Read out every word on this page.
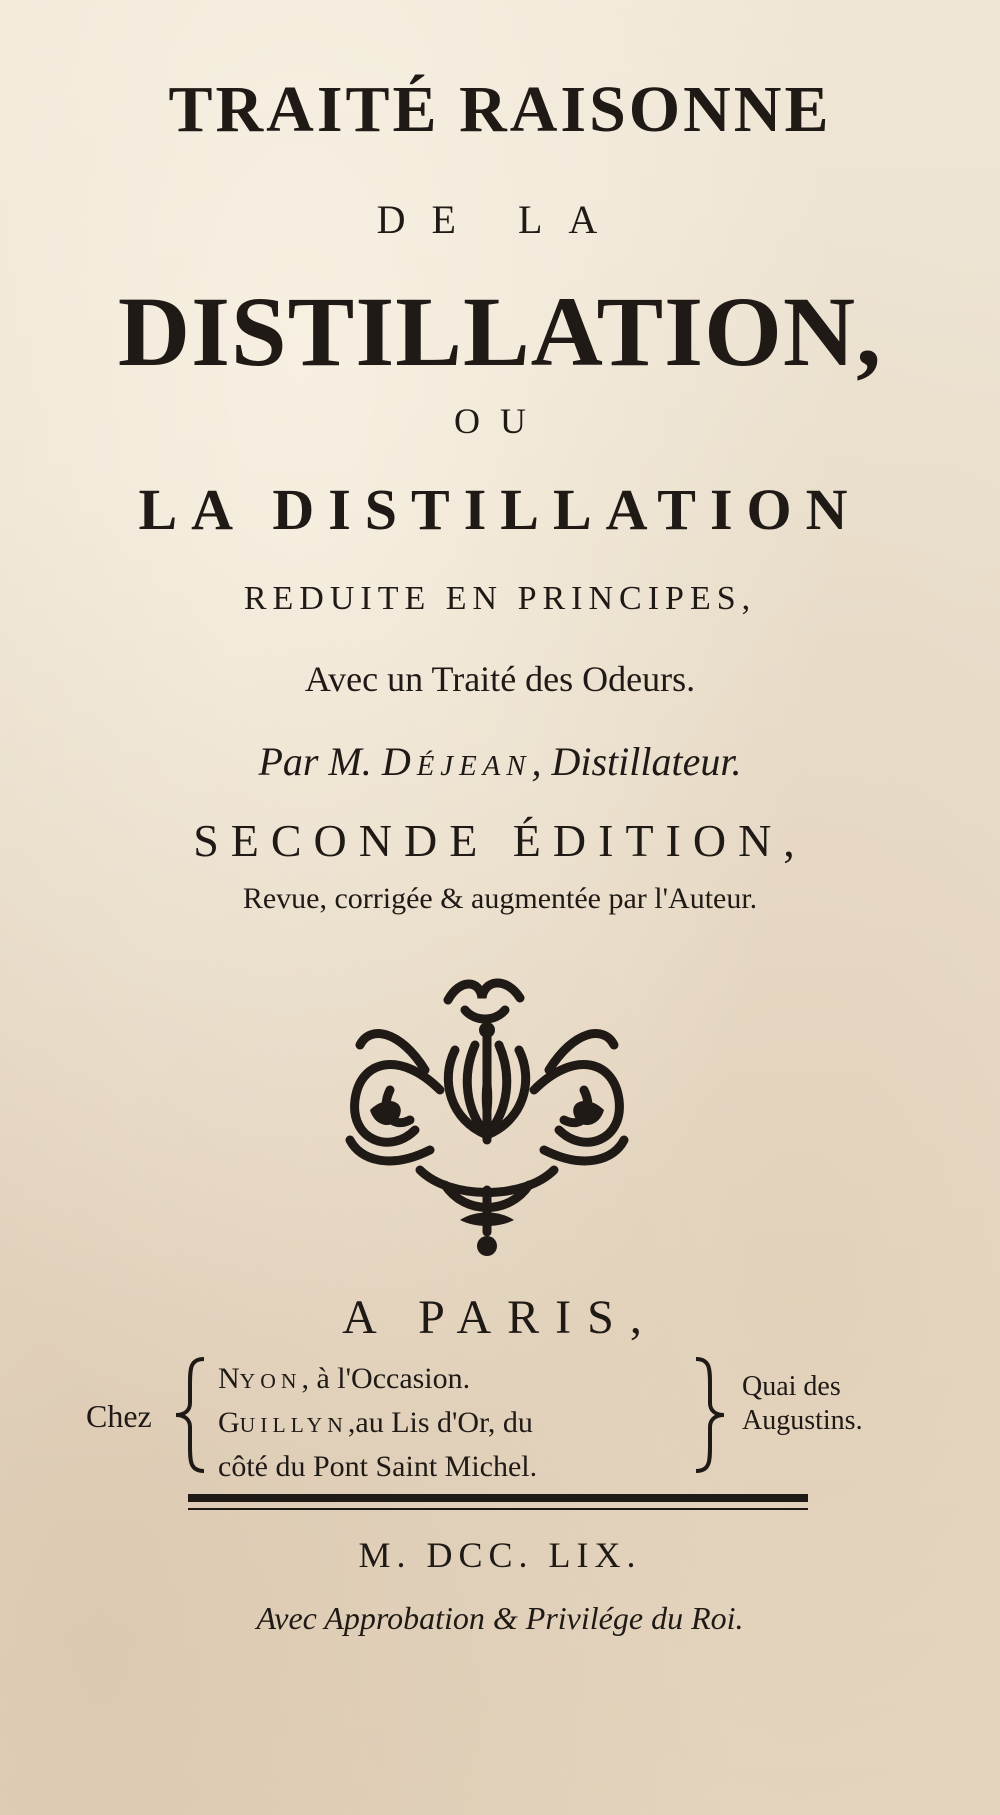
TRAITÉ RAISONNE
DE LA
DISTILLATION,
OU
LA DISTILLATION
REDUITE EN PRINCIPES,
Avec un Traité des Odeurs.
Par M. DÉJEAN, Distillateur.
SECONDE ÉDITION,
Revue, corrigée & augmentée par l'Auteur.
A PARIS,
Chez
NYON, à l'Occasion.
GUILLYN,au Lis d'Or, du
côté du Pont Saint Michel.
Quai des
Augustins.
M. DCC. LIX.
Avec Approbation & Privilége du Roi.
